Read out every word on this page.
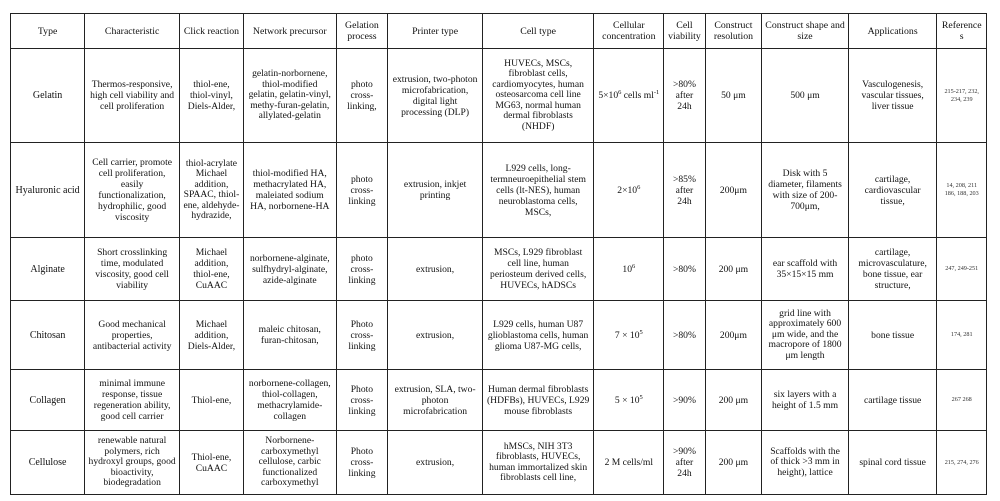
Type	Characteristic	Click reaction	Network precursor	Gelation process	Printer type	Cell type	Cellular concentration	Cell viability	Construct resolution	Construct shape and size	Applications	References
Gelatin	Thermos-responsive, high cell viability and cell proliferation	thiol-ene, thiol-vinyl, Diels-Alder,	gelatin-norbornene, thiol-modified gelatin, gelatin-vinyl, methy-furan-gelatin, allylated-gelatin	photo cross-linking,	extrusion, two-photon microfabrication, digital light processing (DLP)	HUVECs, MSCs, fibroblast cells, cardiomyocytes, human osteosarcoma cell line MG63, normal human dermal fibroblasts (NHDF)	$5\times 10^6$ cells $ml^{-1}$	>80% after 24h	50 μm	500 μm	Vasculogenesis, vascular tissues, liver tissue	215-217, 232, 234, 239
Hyaluronic acid	Cell carrier, promote cell proliferation, easily functionalization, hydrophilic, good viscosity	thiol-acrylate Michael addition, SPAAC, thiol-ene, aldehyde-hydrazide,	thiol-modified HA, methacrylated HA, maleiated sodium HA, norbornene-HA	photo cross-linking	extrusion, inkjet printing	L929 cells, long-termneuroepithelial stem cells (lt-NES), human neuroblastoma cells, MSCs,	$2\times 10^6$	>85% after 24h	200μm	Disk with 5 diameter, filaments with size of 200-700μm,	cartilage, cardiovascular tissue,	14, 208, 211 186, 188, 203
Alginate	Short crosslinking time, modulated viscosity, good cell viability	Michael addition, thiol-ene, CuAAC	norbornene-alginate, sulfhydryl-alginate, azide-alginate	photo cross-linking	extrusion,	MSCs, L929 fibroblast cell line, human periosteum derived cells, HUVECs, hADSCs	$10^6$	>80%	200 μm	ear scaffold with 35×15×15 mm	cartilage, microvasculature, bone tissue, ear structure,	247, 249-251
Chitosan	Good mechanical properties, antibacterial activity	Michael addition, Diels-Alder,	maleic chitosan, furan-chitosan,	Photo cross-linking	extrusion,	L929 cells, human U87 glioblastoma cells, human glioma U87-MG cells,	$7 \times 10^5$	>80%	200μm	grid line with approximately 600 μm wide, and the macropore of 1800 μm length	bone tissue	174, 281
Collagen	minimal immune response, tissue regeneration ability, good cell carrier	Thiol-ene,	norbornene-collagen, thiol-collagen, methacrylamide-collagen	Photo cross-linking	extrusion, SLA, two-photon microfabrication	Human dermal fibroblasts (HDFBs), HUVECs, L929 mouse fibroblasts	$5 \times 10^5$	>90%	200 μm	six layers with a height of 1.5 mm	cartilage tissue	267 268
Cellulose	renewable natural polymers, rich hydroxyl groups, good bioactivity, biodegradation	Thiol-ene, CuAAC	Norbornene-carboxymethyl cellulose, carbic functionalized carboxymethyl	Photo cross-linking	extrusion,	hMSCs, NIH 3T3 fibroblasts, HUVECs, human immortalized skin fibroblasts cell line,	2 M cells/ml	>90% after 24h	200 μm	Scaffolds with the of thick >3 mm in height), lattice	spinal cord tissue	215, 274, 276
